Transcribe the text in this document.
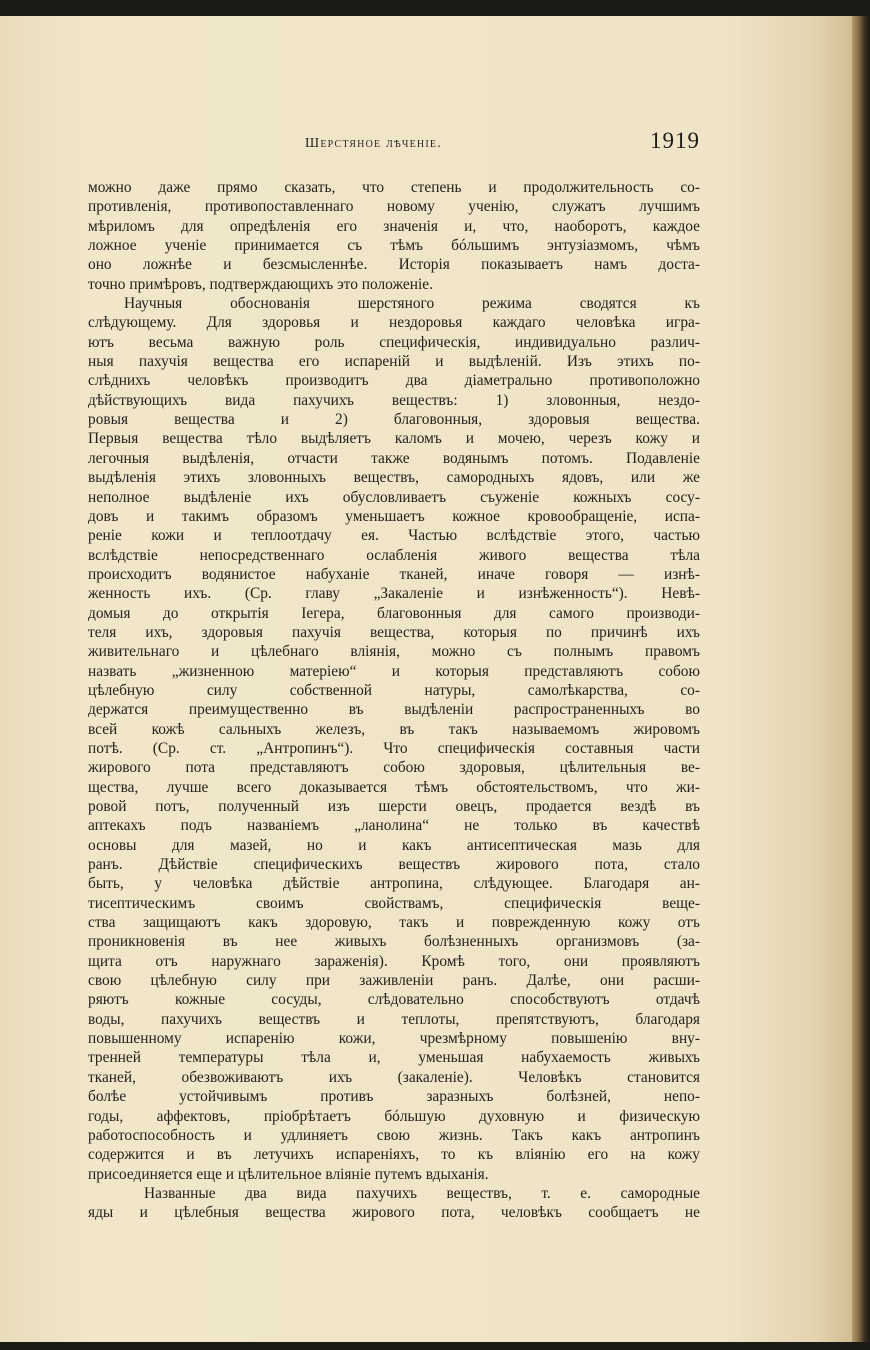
Шерстяное лѣченіе.	1919
можно даже прямо сказать, что степень и продолжительность со-
противленія, противопоставленнаго новому ученію, служатъ лучшимъ
мѣриломъ для опредѣленія его значенія и, что, наоборотъ, каждое
ложное ученіе принимается съ тѣмъ бóльшимъ энтузіазмомъ, чѣмъ
оно ложнѣе и безсмысленнѣе. Исторія показываетъ намъ доста-
точно примѣровъ, подтверждающихъ это положеніе.
Научныя обоснованія шерстяного режима сводятся къ
слѣдующему. Для здоровья и нездоровья каждаго человѣка игра-
ютъ весьма важную роль специфическія, индивидуально различ-
ныя пахучія вещества его испареній и выдѣленій. Изъ этихъ по-
слѣднихъ человѣкъ производитъ два діаметрально противоположно
дѣйствующихъ вида пахучихъ веществъ: 1) зловонныя, нездо-
ровыя вещества и 2) благовонныя, здоровыя вещества.
Первыя вещества тѣло выдѣляетъ каломъ и мочею, черезъ кожу и
легочныя выдѣленія, отчасти также водянымъ потомъ. Подавленіе
выдѣленія этихъ зловонныхъ веществъ, самородныхъ ядовъ, или же
неполное выдѣленіе ихъ обусловливаетъ съуженіе кожныхъ сосу-
довъ и такимъ образомъ уменьшаетъ кожное кровообращеніе, испа-
реніе кожи и теплоотдачу ея. Частью вслѣдствіе этого, частью
вслѣдствіе непосредственнаго ослабленія живого вещества тѣла
происходитъ водянистое набуханіе тканей, иначе говоря — изнѣ-
женность ихъ. (Ср. главу „Закаленіе и изнѣженность“). Невѣ-
домыя до открытія Iегера, благовонныя для самого производи-
теля ихъ, здоровыя пахучія вещества, которыя по причинѣ ихъ
живительнаго и цѣлебнаго вліянія, можно съ полнымъ правомъ
назвать „жизненною матеріею“ и которыя представляютъ собою
цѣлебную силу собственной натуры, самолѣкарства, со-
держатся преимущественно въ выдѣленіи распространенныхъ во
всей кожѣ сальныхъ железъ, въ такъ называемомъ жировомъ
потѣ. (Ср. ст. „Антропинъ“). Что специфическія составныя части
жирового пота представляютъ собою здоровыя, цѣлительныя ве-
щества, лучше всего доказывается тѣмъ обстоятельствомъ, что жи-
ровой потъ, полученный изъ шерсти овецъ, продается вездѣ въ
аптекахъ подъ названіемъ „ланолина“ не только въ качествѣ
основы для мазей, но и какъ антисептическая мазь для
ранъ. Дѣйствіе специфическихъ веществъ жирового пота, стало
быть, у человѣка дѣйствіе антропина, слѣдующее. Благодаря ан-
тисептическимъ своимъ свойствамъ, специфическія веще-
ства защищаютъ какъ здоровую, такъ и поврежденную кожу отъ
проникновенія въ нее живыхъ болѣзненныхъ организмовъ (за-
щита отъ наружнаго зараженія). Кромѣ того, они проявляютъ
свою цѣлебную силу при заживленіи ранъ. Далѣе, они расши-
ряютъ кожные сосуды, слѣдовательно способствуютъ отдачѣ
воды, пахучихъ веществъ и теплоты, препятствуютъ, благодаря
повышенному испаренію кожи, чрезмѣрному повышенію вну-
тренней температуры тѣла и, уменьшая набухаемость живыхъ
тканей, обезвоживаютъ ихъ (закаленіе). Человѣкъ становится
болѣе устойчивымъ противъ заразныхъ болѣзней, непо-
годы, аффектовъ, пріобрѣтаетъ бóльшую духовную и физическую
работоспособность и удлиняетъ свою жизнь. Такъ какъ антропинъ
содержится и въ летучихъ испареніяхъ, то къ вліянію его на кожу
присоединяется еще и цѣлительное вліяніе путемъ вдыханія.
Названные два вида пахучихъ веществъ, т. е. самородные
яды и цѣлебныя вещества жирового пота, человѣкъ сообщаетъ не
